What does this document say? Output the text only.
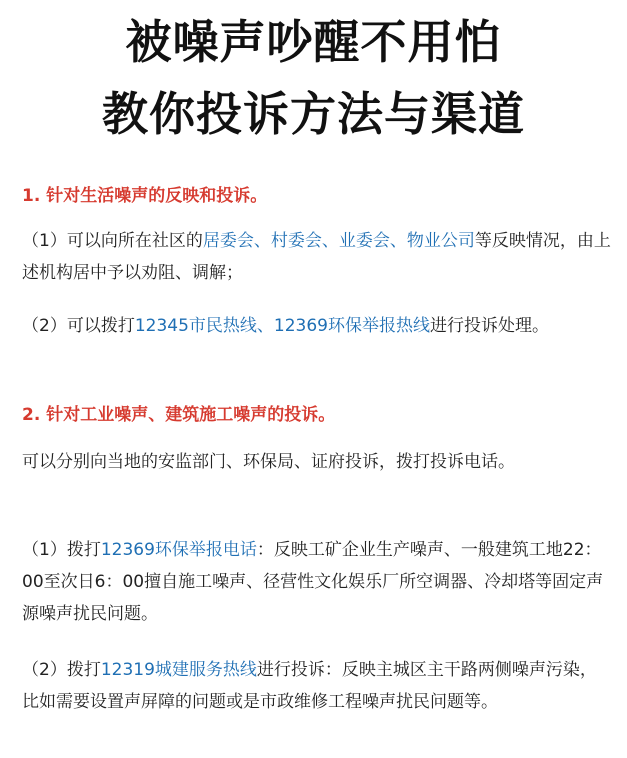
被噪声吵醒不用怕
教你投诉方法与渠道
1. 针对生活噪声的反映和投诉。
（1）可以向所在社区的居委会、村委会、业委会、物业公司等反映情况，由上述机构居中予以劝阻、调解；
（2）可以拨打12345市民热线、12369环保举报热线进行投诉处理。
2. 针对工业噪声、建筑施工噪声的投诉。
可以分别向当地的安监部门、环保局、证府投诉，拨打投诉电话。
（1）拨打12369环保举报电话：反映工矿企业生产噪声、一般建筑工地22：00至次日6：00擅自施工噪声、径营性文化娱乐厂所空调器、冷却塔等固定声源噪声扰民问题。
（2）拨打12319城建服务热线进行投诉：反映主城区主干路两侧噪声污染，比如需要设置声屏障的问题或是市政维修工程噪声扰民问题等。
